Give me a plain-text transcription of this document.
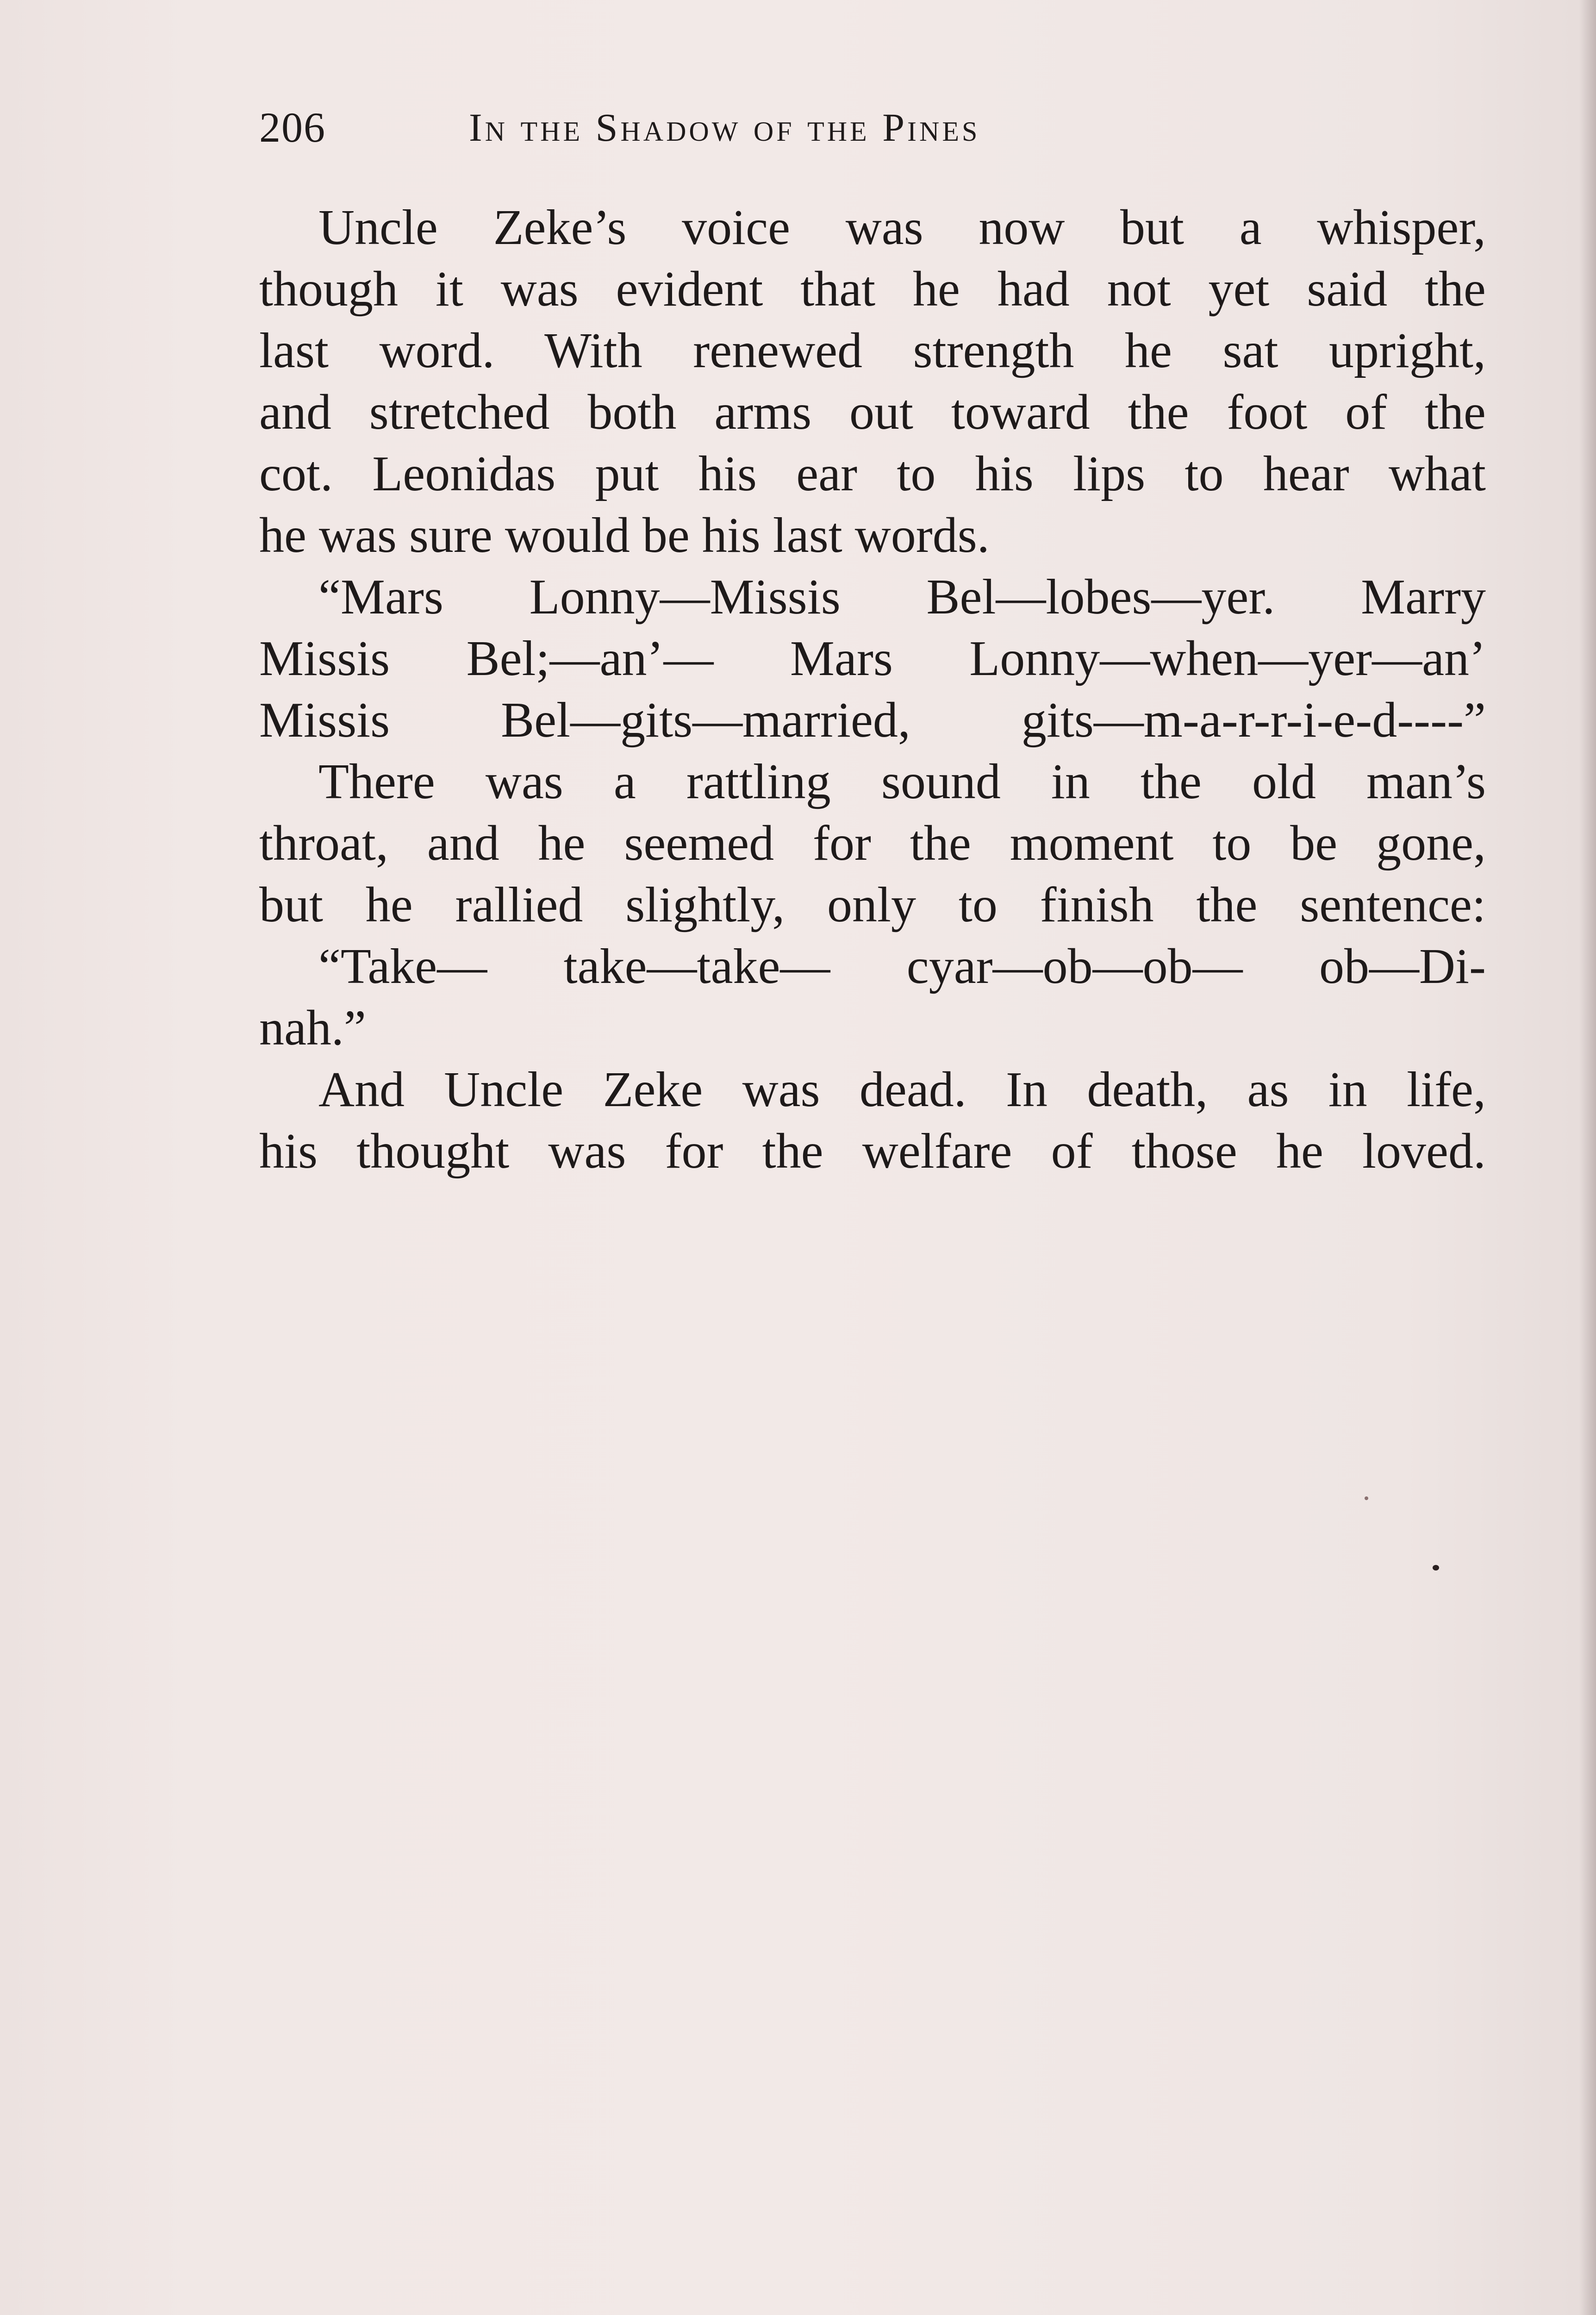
206	In the Shadow of the Pines
Uncle Zeke’s voice was now but a whisper,
though it was evident that he had not yet said the
last word. With renewed strength he sat upright,
and stretched both arms out toward the foot of the
cot. Leonidas put his ear to his lips to hear what
he was sure would be his last words.
“Mars Lonny—Missis Bel—lobes—yer. Marry
Missis Bel;—an’— Mars Lonny—when—yer—an’
Missis Bel—gits—married, gits—m-a-r-r-i-e-d----”
There was a rattling sound in the old man’s
throat, and he seemed for the moment to be gone,
but he rallied slightly, only to finish the sentence:
“Take— take—take— cyar—ob—ob— ob—Di-
nah.”
And Uncle Zeke was dead. In death, as in life,
his thought was for the welfare of those he loved.
